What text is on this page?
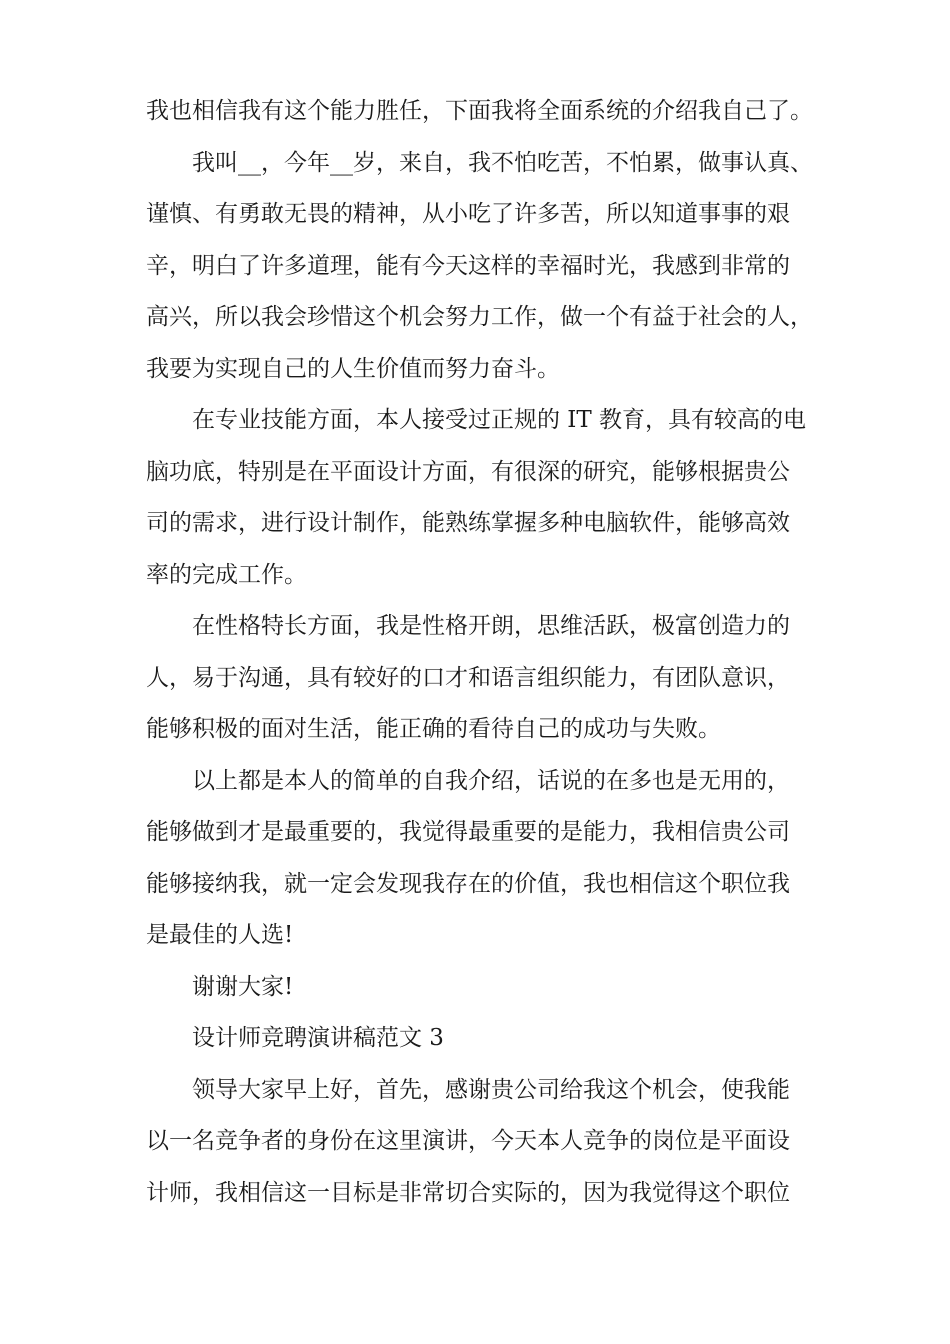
我也相信我有这个能力胜任，下面我将全面系统的介绍我自己了。
我叫__，今年__岁，来自，我不怕吃苦，不怕累，做事认真、
谨慎、有勇敢无畏的精神，从小吃了许多苦，所以知道事事的艰
辛，明白了许多道理，能有今天这样的幸福时光，我感到非常的
高兴，所以我会珍惜这个机会努力工作，做一个有益于社会的人，
我要为实现自己的人生价值而努力奋斗。
在专业技能方面，本人接受过正规的 IT 教育，具有较高的电
脑功底，特别是在平面设计方面，有很深的研究，能够根据贵公
司的需求，进行设计制作，能熟练掌握多种电脑软件，能够高效
率的完成工作。
在性格特长方面，我是性格开朗，思维活跃，极富创造力的
人，易于沟通，具有较好的口才和语言组织能力，有团队意识，
能够积极的面对生活，能正确的看待自己的成功与失败。
以上都是本人的简单的自我介绍，话说的在多也是无用的，
能够做到才是最重要的，我觉得最重要的是能力，我相信贵公司
能够接纳我，就一定会发现我存在的价值，我也相信这个职位我
是最佳的人选!
谢谢大家!
设计师竞聘演讲稿范文 3
领导大家早上好，首先，感谢贵公司给我这个机会，使我能
以一名竞争者的身份在这里演讲，今天本人竞争的岗位是平面设
计师，我相信这一目标是非常切合实际的，因为我觉得这个职位
